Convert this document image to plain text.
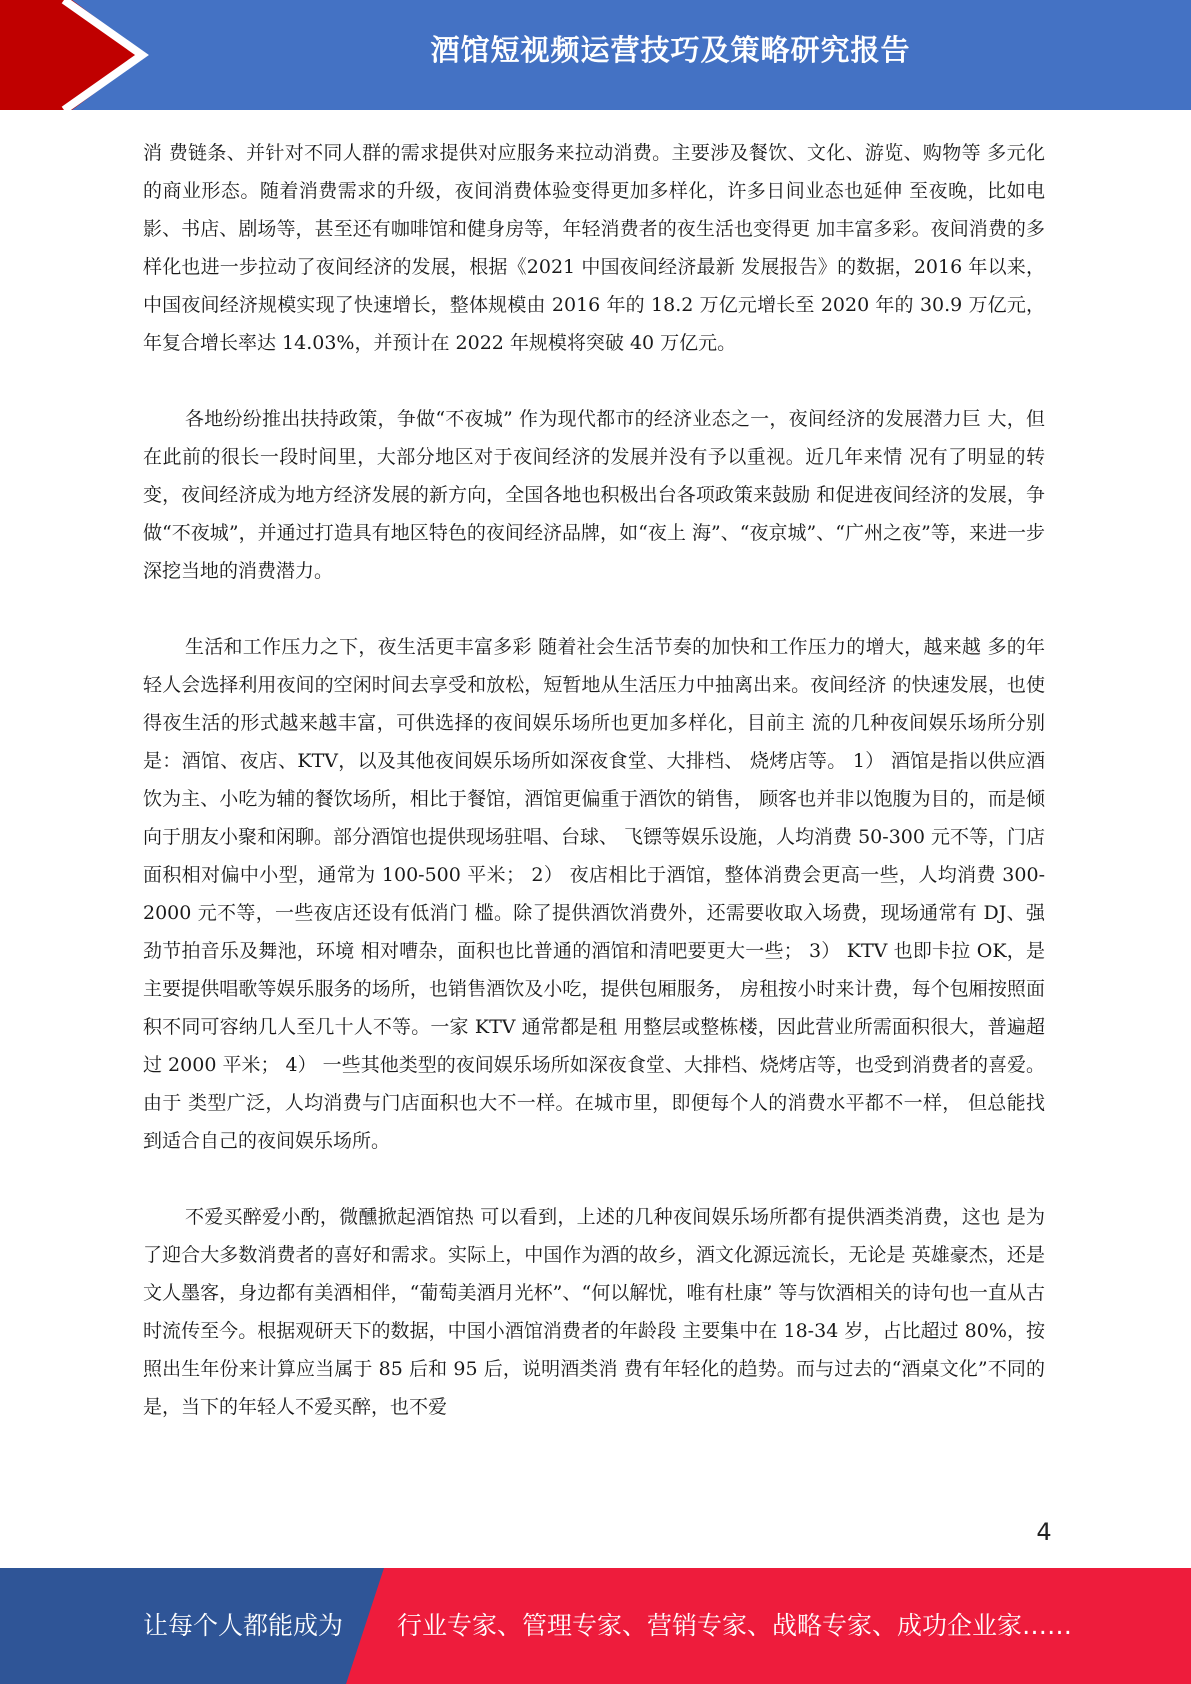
酒馆短视频运营技巧及策略研究报告

消 费链条、并针对不同人群的需求提供对应服务来拉动消费。主要涉及餐饮、文化、游览、购物等 多元化的商业形态。随着消费需求的升级，夜间消费体验变得更加多样化，许多日间业态也延伸 至夜晚，比如电影、书店、剧场等，甚至还有咖啡馆和健身房等，年轻消费者的夜生活也变得更 加丰富多彩。夜间消费的多样化也进一步拉动了夜间经济的发展，根据《2021 中国夜间经济最新 发展报告》的数据，2016 年以来，中国夜间经济规模实现了快速增长，整体规模由 2016 年的 18.2 万亿元增长至 2020 年的 30.9 万亿元，年复合增长率达 14.03%，并预计在 2022 年规模将突破 40 万亿元。

各地纷纷推出扶持政策，争做“不夜城” 作为现代都市的经济业态之一，夜间经济的发展潜力巨 大，但在此前的很长一段时间里，大部分地区对于夜间经济的发展并没有予以重视。近几年来情 况有了明显的转变，夜间经济成为地方经济发展的新方向，全国各地也积极出台各项政策来鼓励 和促进夜间经济的发展，争做“不夜城”，并通过打造具有地区特色的夜间经济品牌，如“夜上 海”、“夜京城”、“广州之夜”等，来进一步深挖当地的消费潜力。

生活和工作压力之下，夜生活更丰富多彩 随着社会生活节奏的加快和工作压力的增大，越来越 多的年轻人会选择利用夜间的空闲时间去享受和放松，短暂地从生活压力中抽离出来。夜间经济 的快速发展，也使得夜生活的形式越来越丰富，可供选择的夜间娱乐场所也更加多样化，目前主 流的几种夜间娱乐场所分别是：酒馆、夜店、KTV，以及其他夜间娱乐场所如深夜食堂、大排档、 烧烤店等。 1） 酒馆是指以供应酒饮为主、小吃为辅的餐饮场所，相比于餐馆，酒馆更偏重于酒饮的销售， 顾客也并非以饱腹为目的，而是倾向于朋友小聚和闲聊。部分酒馆也提供现场驻唱、台球、 飞镖等娱乐设施，人均消费 50-300 元不等，门店面积相对偏中小型，通常为 100-500 平米； 2） 夜店相比于酒馆，整体消费会更高一些，人均消费 300-2000 元不等，一些夜店还设有低消门 槛。除了提供酒饮消费外，还需要收取入场费，现场通常有 DJ、强劲节拍音乐及舞池，环境 相对嘈杂，面积也比普通的酒馆和清吧要更大一些； 3） KTV 也即卡拉 OK，是主要提供唱歌等娱乐服务的场所，也销售酒饮及小吃，提供包厢服务， 房租按小时来计费，每个包厢按照面积不同可容纳几人至几十人不等。一家 KTV 通常都是租 用整层或整栋楼，因此营业所需面积很大，普遍超过 2000 平米； 4） 一些其他类型的夜间娱乐场所如深夜食堂、大排档、烧烤店等，也受到消费者的喜爱。由于 类型广泛，人均消费与门店面积也大不一样。在城市里，即便每个人的消费水平都不一样， 但总能找到适合自己的夜间娱乐场所。

不爱买醉爱小酌，微醺掀起酒馆热 可以看到，上述的几种夜间娱乐场所都有提供酒类消费，这也 是为了迎合大多数消费者的喜好和需求。实际上，中国作为酒的故乡，酒文化源远流长，无论是 英雄豪杰，还是文人墨客，身边都有美酒相伴，“葡萄美酒月光杯”、“何以解忧，唯有杜康” 等与饮酒相关的诗句也一直从古时流传至今。根据观研天下的数据，中国小酒馆消费者的年龄段 主要集中在 18-34 岁，占比超过 80%，按照出生年份来计算应当属于 85 后和 95 后，说明酒类消 费有年轻化的趋势。而与过去的“酒桌文化”不同的是，当下的年轻人不爱买醉，也不爱

4
让每个人都能成为 行业专家、管理专家、营销专家、战略专家、成功企业家……
